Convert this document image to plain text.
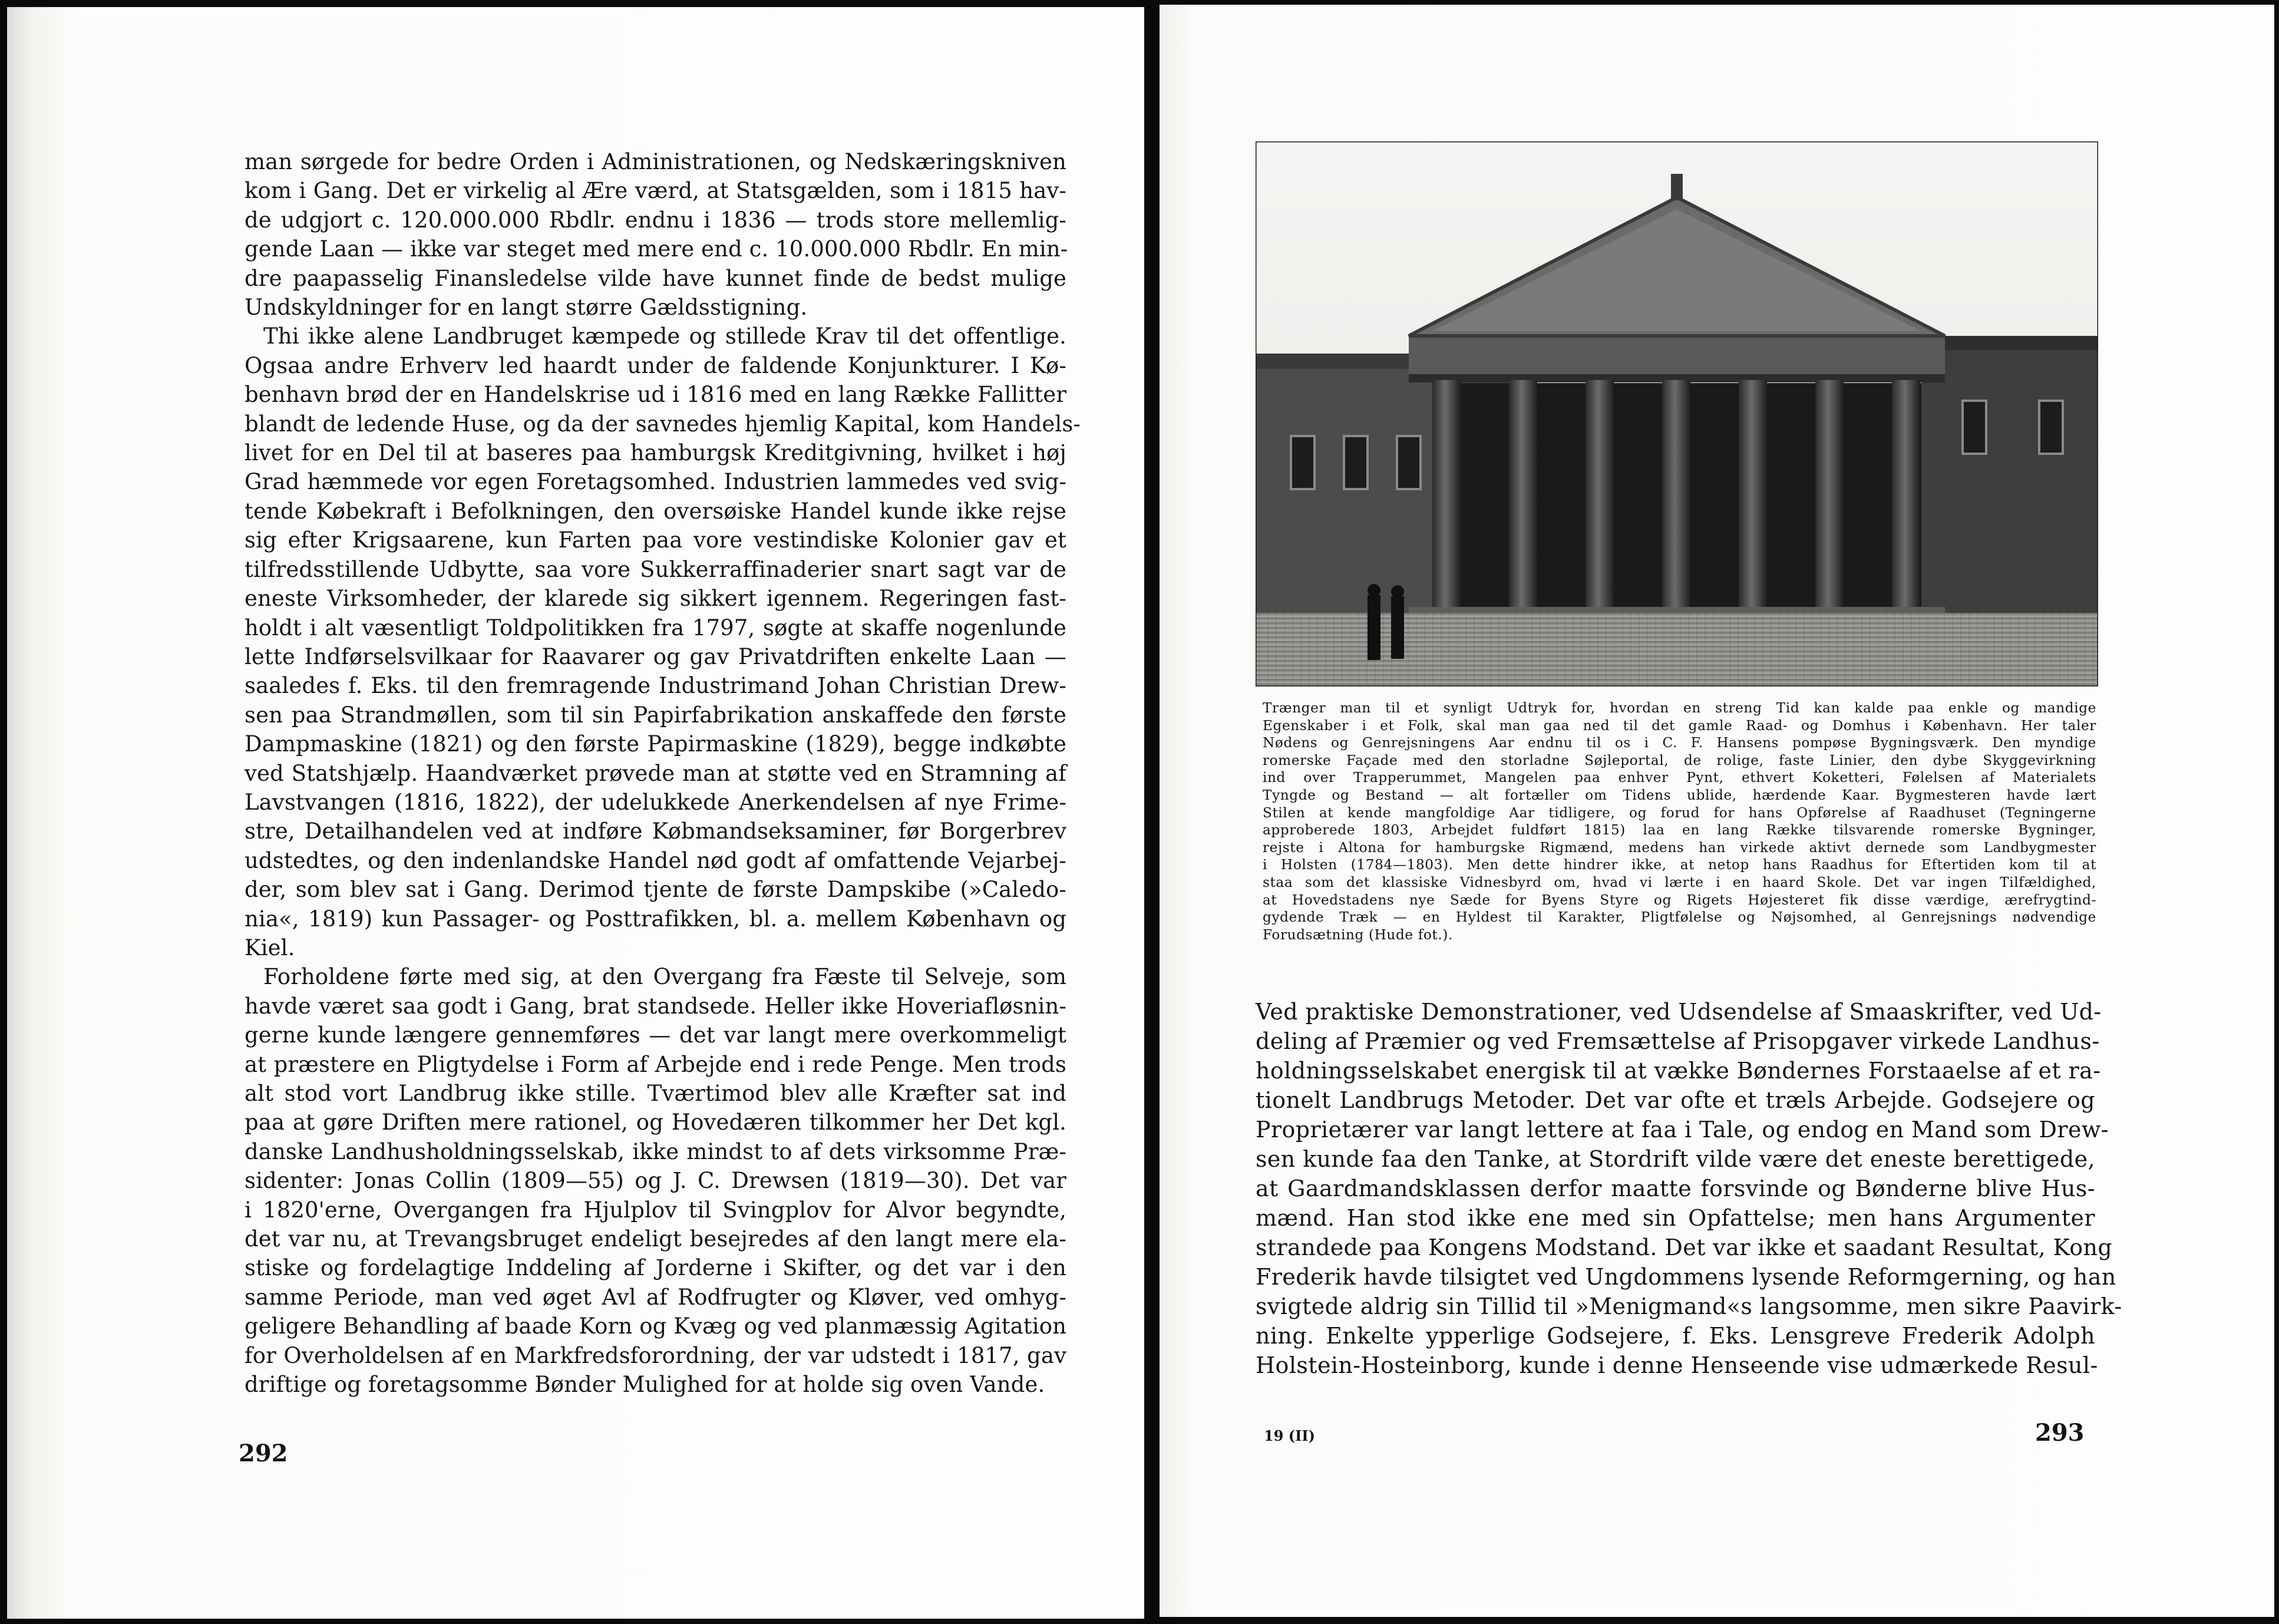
man sørgede for bedre Orden i Administrationen, og Nedskæringskniven
kom i Gang. Det er virkelig al Ære værd, at Statsgælden, som i 1815 hav-
de udgjort c. 120.000.000 Rbdlr. endnu i 1836 — trods store mellemlig-
gende Laan — ikke var steget med mere end c. 10.000.000 Rbdlr. En min-
dre paapasselig Finansledelse vilde have kunnet finde de bedst mulige
Undskyldninger for en langt større Gældsstigning.
Thi ikke alene Landbruget kæmpede og stillede Krav til det offentlige.
Ogsaa andre Erhverv led haardt under de faldende Konjunkturer. I Kø-
benhavn brød der en Handelskrise ud i 1816 med en lang Række Fallitter
blandt de ledende Huse, og da der savnedes hjemlig Kapital, kom Handels-
livet for en Del til at baseres paa hamburgsk Kreditgivning, hvilket i høj
Grad hæmmede vor egen Foretagsomhed. Industrien lammedes ved svig-
tende Købekraft i Befolkningen, den oversøiske Handel kunde ikke rejse
sig efter Krigsaarene, kun Farten paa vore vestindiske Kolonier gav et
tilfredsstillende Udbytte, saa vore Sukkerraffinaderier snart sagt var de
eneste Virksomheder, der klarede sig sikkert igennem. Regeringen fast-
holdt i alt væsentligt Toldpolitikken fra 1797, søgte at skaffe nogenlunde
lette Indførselsvilkaar for Raavarer og gav Privatdriften enkelte Laan —
saaledes f. Eks. til den fremragende Industrimand Johan Christian Drew-
sen paa Strandmøllen, som til sin Papirfabrikation anskaffede den første
Dampmaskine (1821) og den første Papirmaskine (1829), begge indkøbte
ved Statshjælp. Haandværket prøvede man at støtte ved en Stramning af
Lavstvangen (1816, 1822), der udelukkede Anerkendelsen af nye Frime-
stre, Detailhandelen ved at indføre Købmandseksaminer, før Borgerbrev
udstedtes, og den indenlandske Handel nød godt af omfattende Vejarbej-
der, som blev sat i Gang. Derimod tjente de første Dampskibe (»Caledo-
nia«, 1819) kun Passager- og Posttrafikken, bl. a. mellem København og
Kiel.
Forholdene førte med sig, at den Overgang fra Fæste til Selveje, som
havde været saa godt i Gang, brat standsede. Heller ikke Hoveriafløsnin-
gerne kunde længere gennemføres — det var langt mere overkommeligt
at præstere en Pligtydelse i Form af Arbejde end i rede Penge. Men trods
alt stod vort Landbrug ikke stille. Tværtimod blev alle Kræfter sat ind
paa at gøre Driften mere rationel, og Hovedæren tilkommer her Det kgl.
danske Landhusholdningsselskab, ikke mindst to af dets virksomme Præ-
sidenter: Jonas Collin (1809—55) og J. C. Drewsen (1819—30). Det var
i 1820'erne, Overgangen fra Hjulplov til Svingplov for Alvor begyndte,
det var nu, at Trevangsbruget endeligt besejredes af den langt mere ela-
stiske og fordelagtige Inddeling af Jorderne i Skifter, og det var i den
samme Periode, man ved øget Avl af Rodfrugter og Kløver, ved omhyg-
geligere Behandling af baade Korn og Kvæg og ved planmæssig Agitation
for Overholdelsen af en Markfredsforordning, der var udstedt i 1817, gav
driftige og foretagsomme Bønder Mulighed for at holde sig oven Vande.
292
Trænger man til et synligt Udtryk for, hvordan en streng Tid kan kalde paa enkle og mandige
Egenskaber i et Folk, skal man gaa ned til det gamle Raad- og Domhus i København. Her taler
Nødens og Genrejsningens Aar endnu til os i C. F. Hansens pompøse Bygningsværk. Den myndige
romerske Façade med den storladne Søjleportal, de rolige, faste Linier, den dybe Skyggevirkning
ind over Trapperummet, Mangelen paa enhver Pynt, ethvert Koketteri, Følelsen af Materialets
Tyngde og Bestand — alt fortæller om Tidens ublide, hærdende Kaar. Bygmesteren havde lært
Stilen at kende mangfoldige Aar tidligere, og forud for hans Opførelse af Raadhuset (Tegningerne
approberede 1803, Arbejdet fuldført 1815) laa en lang Række tilsvarende romerske Bygninger,
rejste i Altona for hamburgske Rigmænd, medens han virkede aktivt dernede som Landbygmester
i Holsten (1784—1803). Men dette hindrer ikke, at netop hans Raadhus for Eftertiden kom til at
staa som det klassiske Vidnesbyrd om, hvad vi lærte i en haard Skole. Det var ingen Tilfældighed,
at Hovedstadens nye Sæde for Byens Styre og Rigets Højesteret fik disse værdige, ærefrygtind-
gydende Træk — en Hyldest til Karakter, Pligtfølelse og Nøjsomhed, al Genrejsnings nødvendige
Forudsætning (Hude fot.).
Ved praktiske Demonstrationer, ved Udsendelse af Smaaskrifter, ved Ud-
deling af Præmier og ved Fremsættelse af Prisopgaver virkede Landhus-
holdningsselskabet energisk til at vække Bøndernes Forstaaelse af et ra-
tionelt Landbrugs Metoder. Det var ofte et træls Arbejde. Godsejere og
Proprietærer var langt lettere at faa i Tale, og endog en Mand som Drew-
sen kunde faa den Tanke, at Stordrift vilde være det eneste berettigede,
at Gaardmandsklassen derfor maatte forsvinde og Bønderne blive Hus-
mænd. Han stod ikke ene med sin Opfattelse; men hans Argumenter
strandede paa Kongens Modstand. Det var ikke et saadant Resultat, Kong
Frederik havde tilsigtet ved Ungdommens lysende Reformgerning, og han
svigtede aldrig sin Tillid til »Menigmand«s langsomme, men sikre Paavirk-
ning. Enkelte ypperlige Godsejere, f. Eks. Lensgreve Frederik Adolph
Holstein-Hosteinborg, kunde i denne Henseende vise udmærkede Resul-
19 (II)	293
